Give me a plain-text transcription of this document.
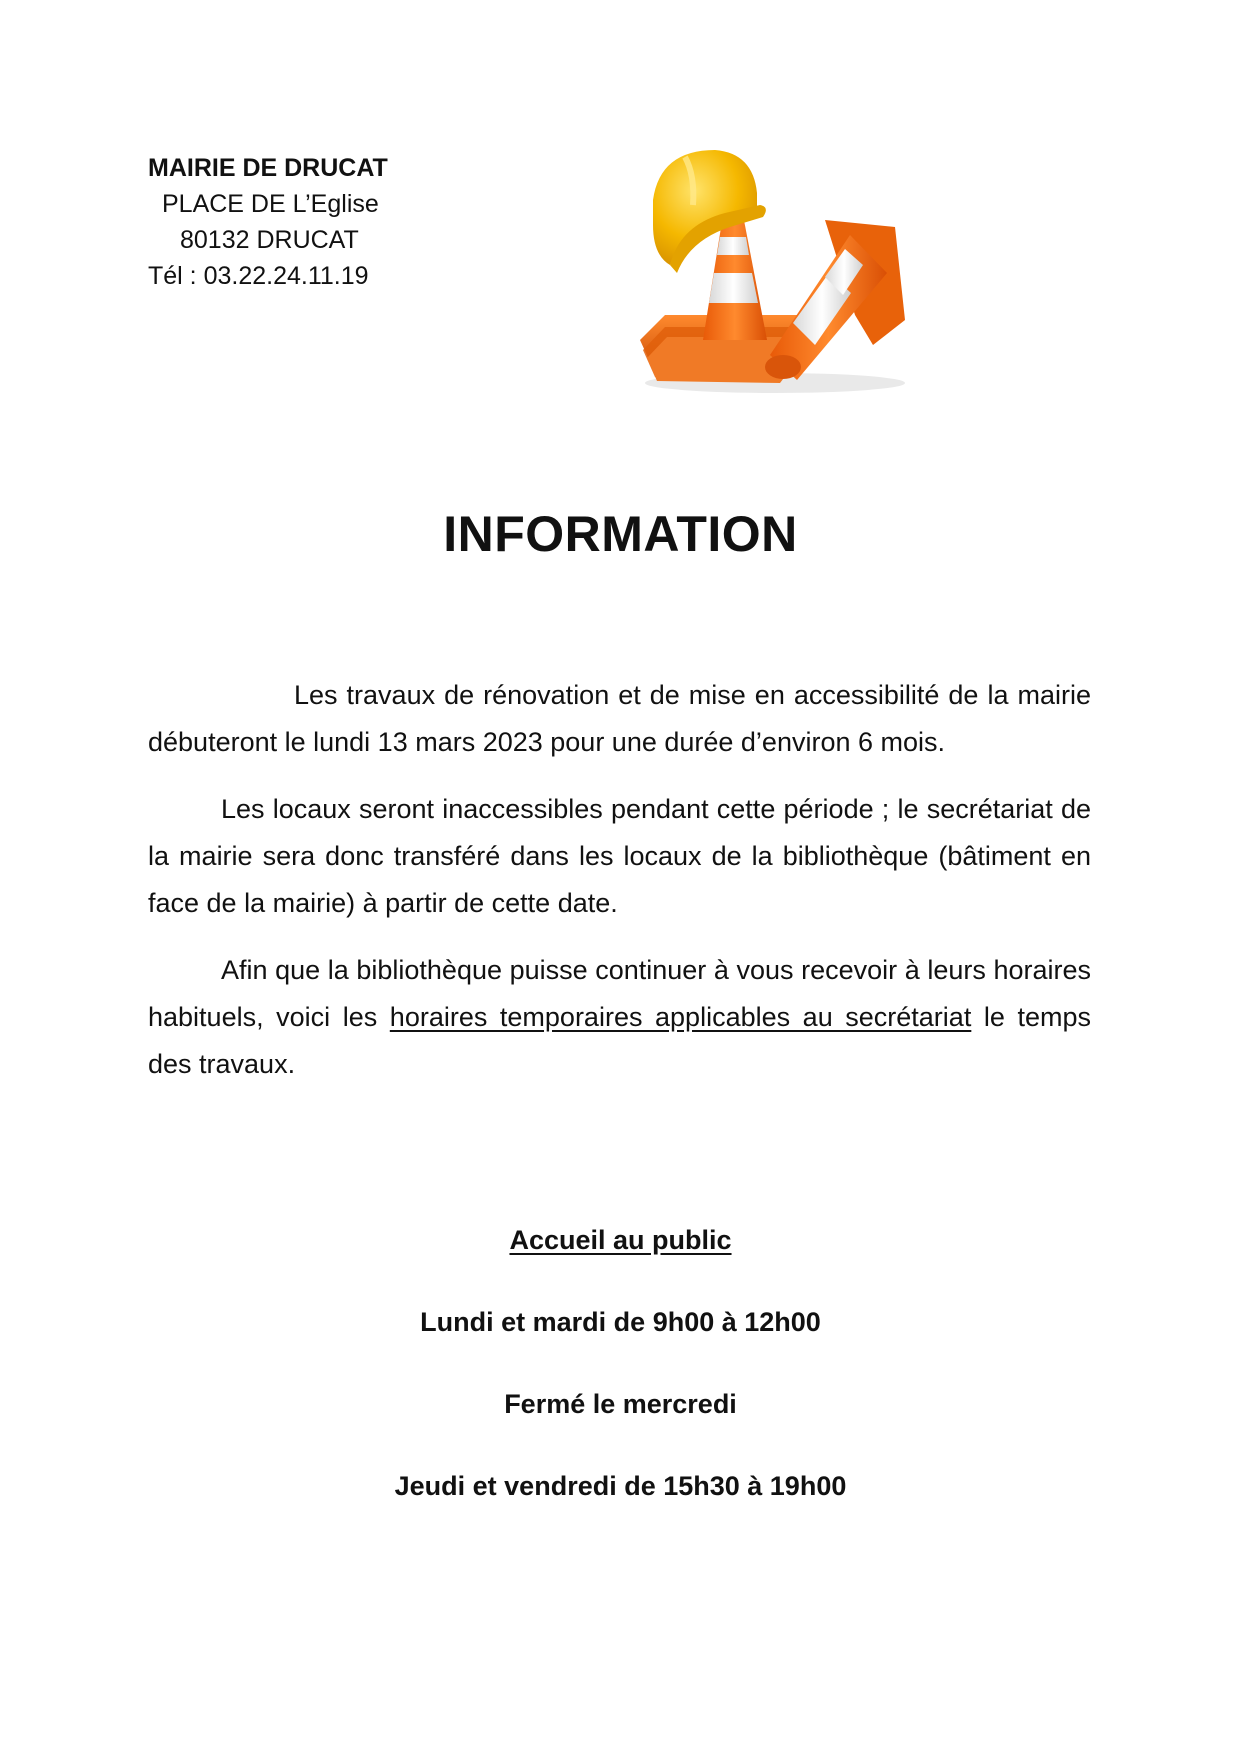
MAIRIE DE DRUCAT
PLACE DE L’Eglise
80132 DRUCAT
Tél : 03.22.24.11.19
INFORMATION

Les travaux de rénovation et de mise en accessibilité de la mairie débuteront le lundi 13 mars 2023 pour une durée d’environ 6 mois.

Les locaux seront inaccessibles pendant cette période ; le secrétariat de la mairie sera donc transféré dans les locaux de la bibliothèque (bâtiment en face de la mairie) à partir de cette date.

Afin que la bibliothèque puisse continuer à vous recevoir à leurs horaires habituels, voici les horaires temporaires applicables au secrétariat le temps des travaux.

Accueil au public
Lundi et mardi de 9h00 à 12h00
Fermé le mercredi
Jeudi et vendredi de 15h30 à 19h00
